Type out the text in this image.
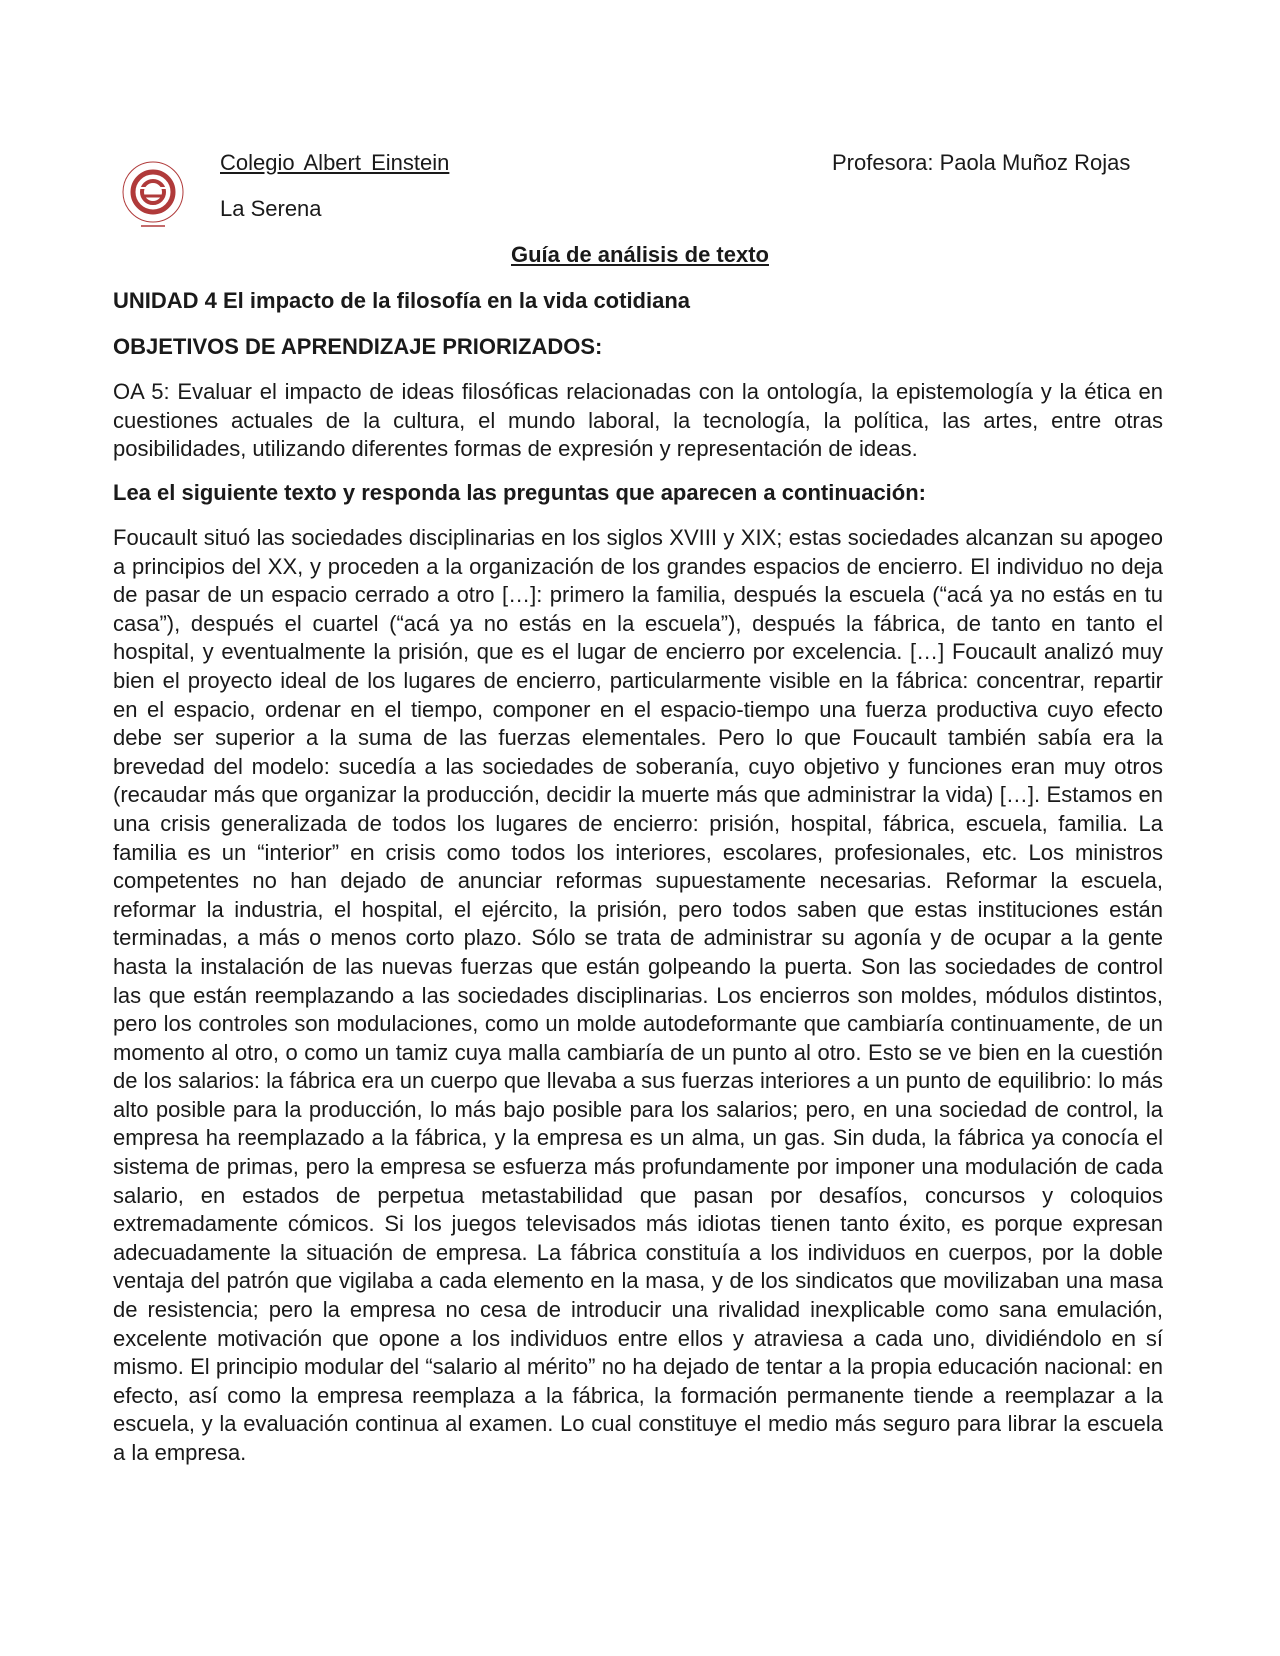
Colegio Albert Einstein
La Serena
Profesora: Paola Muñoz Rojas
Guía de análisis de texto
UNIDAD 4 El impacto de la filosofía en la vida cotidiana
OBJETIVOS DE APRENDIZAJE PRIORIZADOS:
OA 5: Evaluar el impacto de ideas filosóficas relacionadas con la ontología, la epistemología y la ética en cuestiones actuales de la cultura, el mundo laboral, la tecnología, la política, las artes, entre otras posibilidades, utilizando diferentes formas de expresión y representación de ideas.
Lea el siguiente texto y responda las preguntas que aparecen a continuación:
Foucault situó las sociedades disciplinarias en los siglos XVIII y XIX; estas sociedades alcanzan su apogeo a principios del XX, y proceden a la organización de los grandes espacios de encierro. El individuo no deja de pasar de un espacio cerrado a otro […]: primero la familia, después la escuela (“acá ya no estás en tu casa”), después el cuartel (“acá ya no estás en la escuela”), después la fábrica, de tanto en tanto el hospital, y eventualmente la prisión, que es el lugar de encierro por excelencia. […] Foucault analizó muy bien el proyecto ideal de los lugares de encierro, particularmente visible en la fábrica: concentrar, repartir en el espacio, ordenar en el tiempo, componer en el espacio-tiempo una fuerza productiva cuyo efecto debe ser superior a la suma de las fuerzas elementales. Pero lo que Foucault también sabía era la brevedad del modelo: sucedía a las sociedades de soberanía, cuyo objetivo y funciones eran muy otros (recaudar más que organizar la producción, decidir la muerte más que administrar la vida) […]. Estamos en una crisis generalizada de todos los lugares de encierro: prisión, hospital, fábrica, escuela, familia. La familia es un “interior” en crisis como todos los interiores, escolares, profesionales, etc. Los ministros competentes no han dejado de anunciar reformas supuestamente necesarias. Reformar la escuela, reformar la industria, el hospital, el ejército, la prisión, pero todos saben que estas instituciones están terminadas, a más o menos corto plazo. Sólo se trata de administrar su agonía y de ocupar a la gente hasta la instalación de las nuevas fuerzas que están golpeando la puerta. Son las sociedades de control las que están reemplazando a las sociedades disciplinarias. Los encierros son moldes, módulos distintos, pero los controles son modulaciones, como un molde autodeformante que cambiaría continuamente, de un momento al otro, o como un tamiz cuya malla cambiaría de un punto al otro. Esto se ve bien en la cuestión de los salarios: la fábrica era un cuerpo que llevaba a sus fuerzas interiores a un punto de equilibrio: lo más alto posible para la producción, lo más bajo posible para los salarios; pero, en una sociedad de control, la empresa ha reemplazado a la fábrica, y la empresa es un alma, un gas. Sin duda, la fábrica ya conocía el sistema de primas, pero la empresa se esfuerza más profundamente por imponer una modulación de cada salario, en estados de perpetua metastabilidad que pasan por desafíos, concursos y coloquios extremadamente cómicos. Si los juegos televisados más idiotas tienen tanto éxito, es porque expresan adecuadamente la situación de empresa. La fábrica constituía a los individuos en cuerpos, por la doble ventaja del patrón que vigilaba a cada elemento en la masa, y de los sindicatos que movilizaban una masa de resistencia; pero la empresa no cesa de introducir una rivalidad inexplicable como sana emulación, excelente motivación que opone a los individuos entre ellos y atraviesa a cada uno, dividiéndolo en sí mismo. El principio modular del “salario al mérito” no ha dejado de tentar a la propia educación nacional: en efecto, así como la empresa reemplaza a la fábrica, la formación permanente tiende a reemplazar a la escuela, y la evaluación continua al examen. Lo cual constituye el medio más seguro para librar la escuela a la empresa.
